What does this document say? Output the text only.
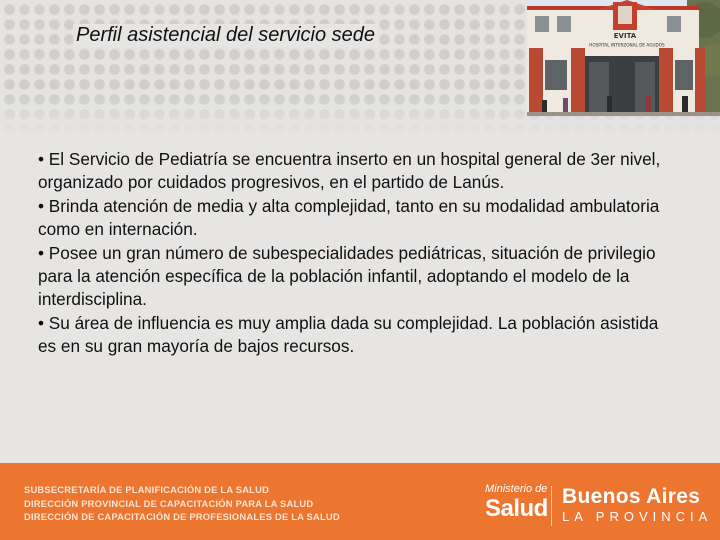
Perfil asistencial del servicio sede	EVITA
HOSPITAL INTERZONAL DE AGUDOS

• El Servicio de Pediatría se encuentra inserto en un hospital general de 3er nivel, organizado por cuidados progresivos, en el partido de Lanús.

• Brinda atención de media y alta complejidad, tanto en su modalidad ambulatoria como en internación.

• Posee un gran número de subespecialidades pediátricas, situación de privilegio para la atención específica de la población infantil, adoptando el modelo de la interdisciplina.

• Su área de influencia es muy amplia dada su complejidad. La población asistida es en su gran mayoría de bajos recursos.

SUBSECRETARÍA DE PLANIFICACIÓN DE LA SALUD
DIRECCIÓN PROVINCIAL DE CAPACITACIÓN PARA LA SALUD
DIRECCIÓN DE CAPACITACIÓN DE PROFESIONALES DE LA SALUD
Ministerio de
Salud Buenos Aires
LA PROVINCIA
